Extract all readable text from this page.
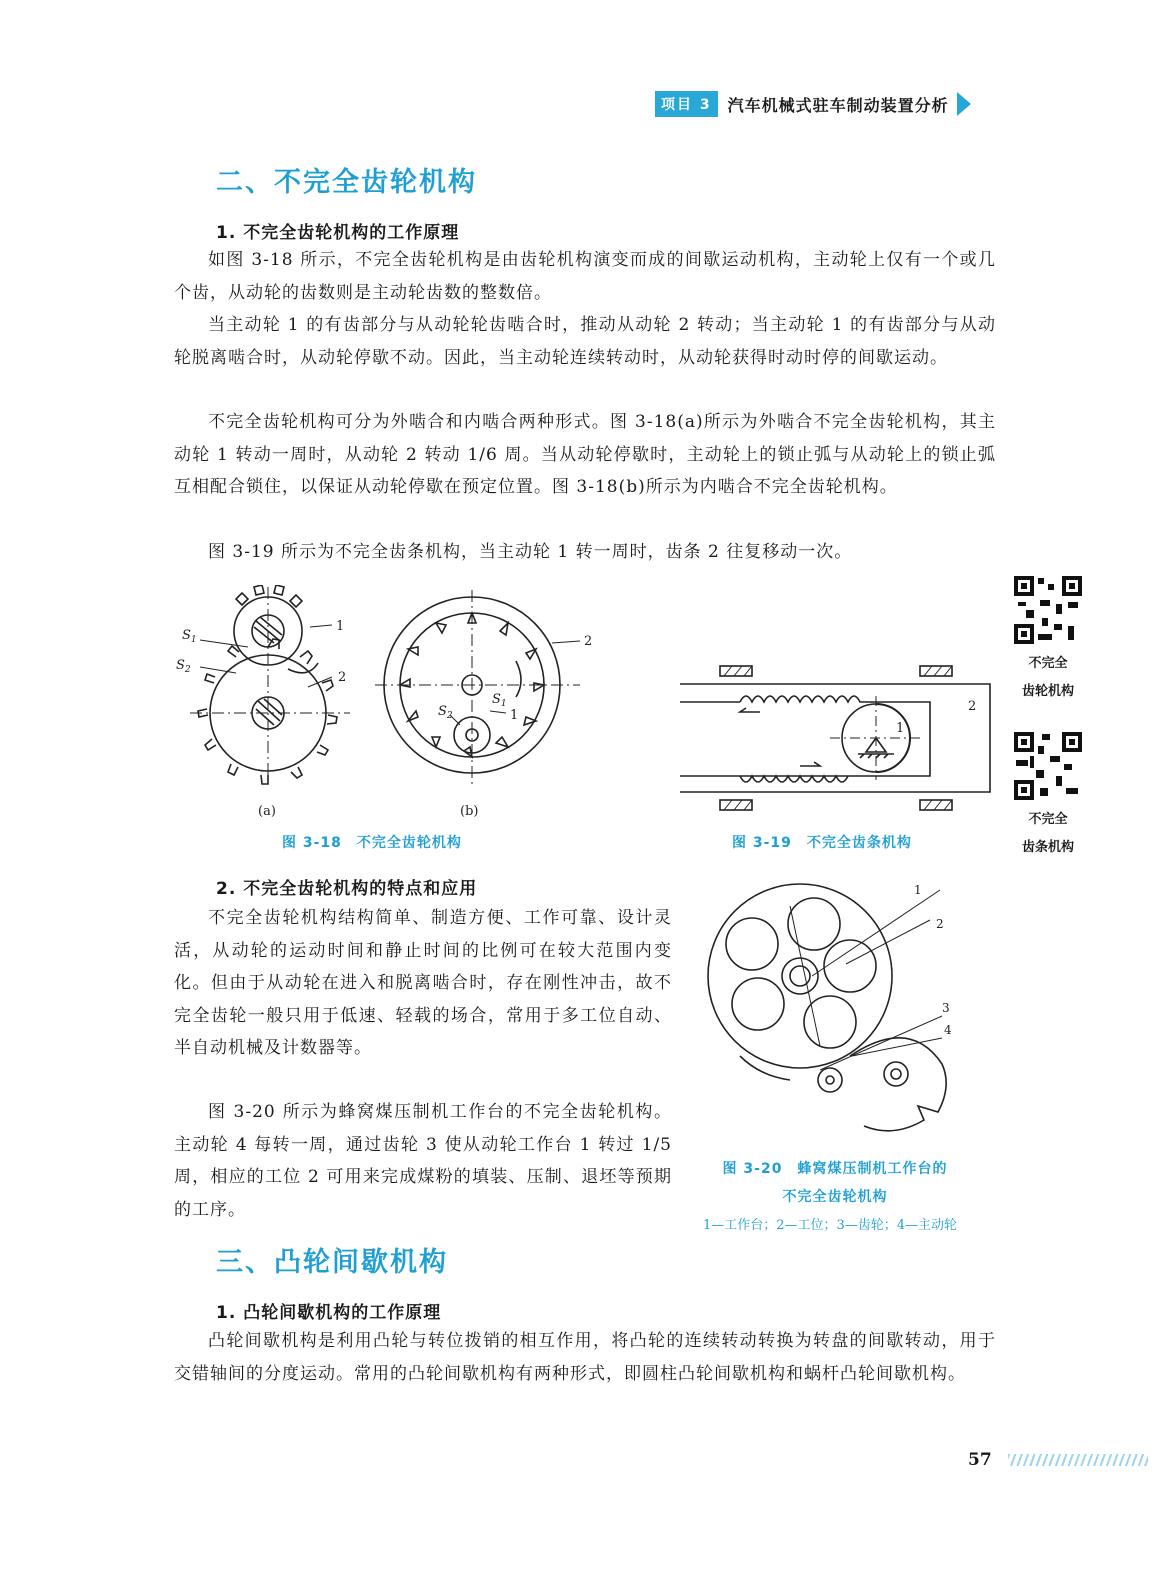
项目 3	汽车机械式驻车制动装置分析
二、不完全齿轮机构
1. 不完全齿轮机构的工作原理

如图 3-18 所示，不完全齿轮机构是由齿轮机构演变而成的间歇运动机构，主动轮上仅有一个或几个齿，从动轮的齿数则是主动轮齿数的整数倍。

当主动轮 1 的有齿部分与从动轮轮齿啮合时，推动从动轮 2 转动；当主动轮 1 的有齿部分与从动轮脱离啮合时，从动轮停歇不动。因此，当主动轮连续转动时，从动轮获得时动时停的间歇运动。

不完全齿轮机构可分为外啮合和内啮合两种形式。图 3-18(a)所示为外啮合不完全齿轮机构，其主动轮 1 转动一周时，从动轮 2 转动 1/6 周。当从动轮停歇时，主动轮上的锁止弧与从动轮上的锁止弧互相配合锁住，以保证从动轮停歇在预定位置。图 3-18(b)所示为内啮合不完全齿轮机构。

图 3-19 所示为不完全齿条机构，当主动轮 1 转一周时，齿条 2 往复移动一次。

$S_1$
$S_2$
1
2
2
$S_1$
$S_2$	1
(a)	(b)
图 3-18　不完全齿轮机构
1
2
图 3-19　不完全齿条机构
不完全
齿轮机构
不完全
齿条机构
2. 不完全齿轮机构的特点和应用

不完全齿轮机构结构简单、制造方便、工作可靠、设计灵活，从动轮的运动时间和静止时间的比例可在较大范围内变化。但由于从动轮在进入和脱离啮合时，存在刚性冲击，故不完全齿轮一般只用于低速、轻载的场合，常用于多工位自动、半自动机械及计数器等。

图 3-20 所示为蜂窝煤压制机工作台的不完全齿轮机构。主动轮 4 每转一周，通过齿轮 3 使从动轮工作台 1 转过 1/5 周，相应的工位 2 可用来完成煤粉的填装、压制、退坯等预期的工序。

1
2
3
4
图 3-20　蜂窝煤压制机工作台的
不完全齿轮机构
1—工作台；2—工位；3—齿轮；4—主动轮
三、凸轮间歇机构
1. 凸轮间歇机构的工作原理

凸轮间歇机构是利用凸轮与转位拨销的相互作用，将凸轮的连续转动转换为转盘的间歇转动，用于交错轴间的分度运动。常用的凸轮间歇机构有两种形式，即圆柱凸轮间歇机构和蜗杆凸轮间歇机构。

57
